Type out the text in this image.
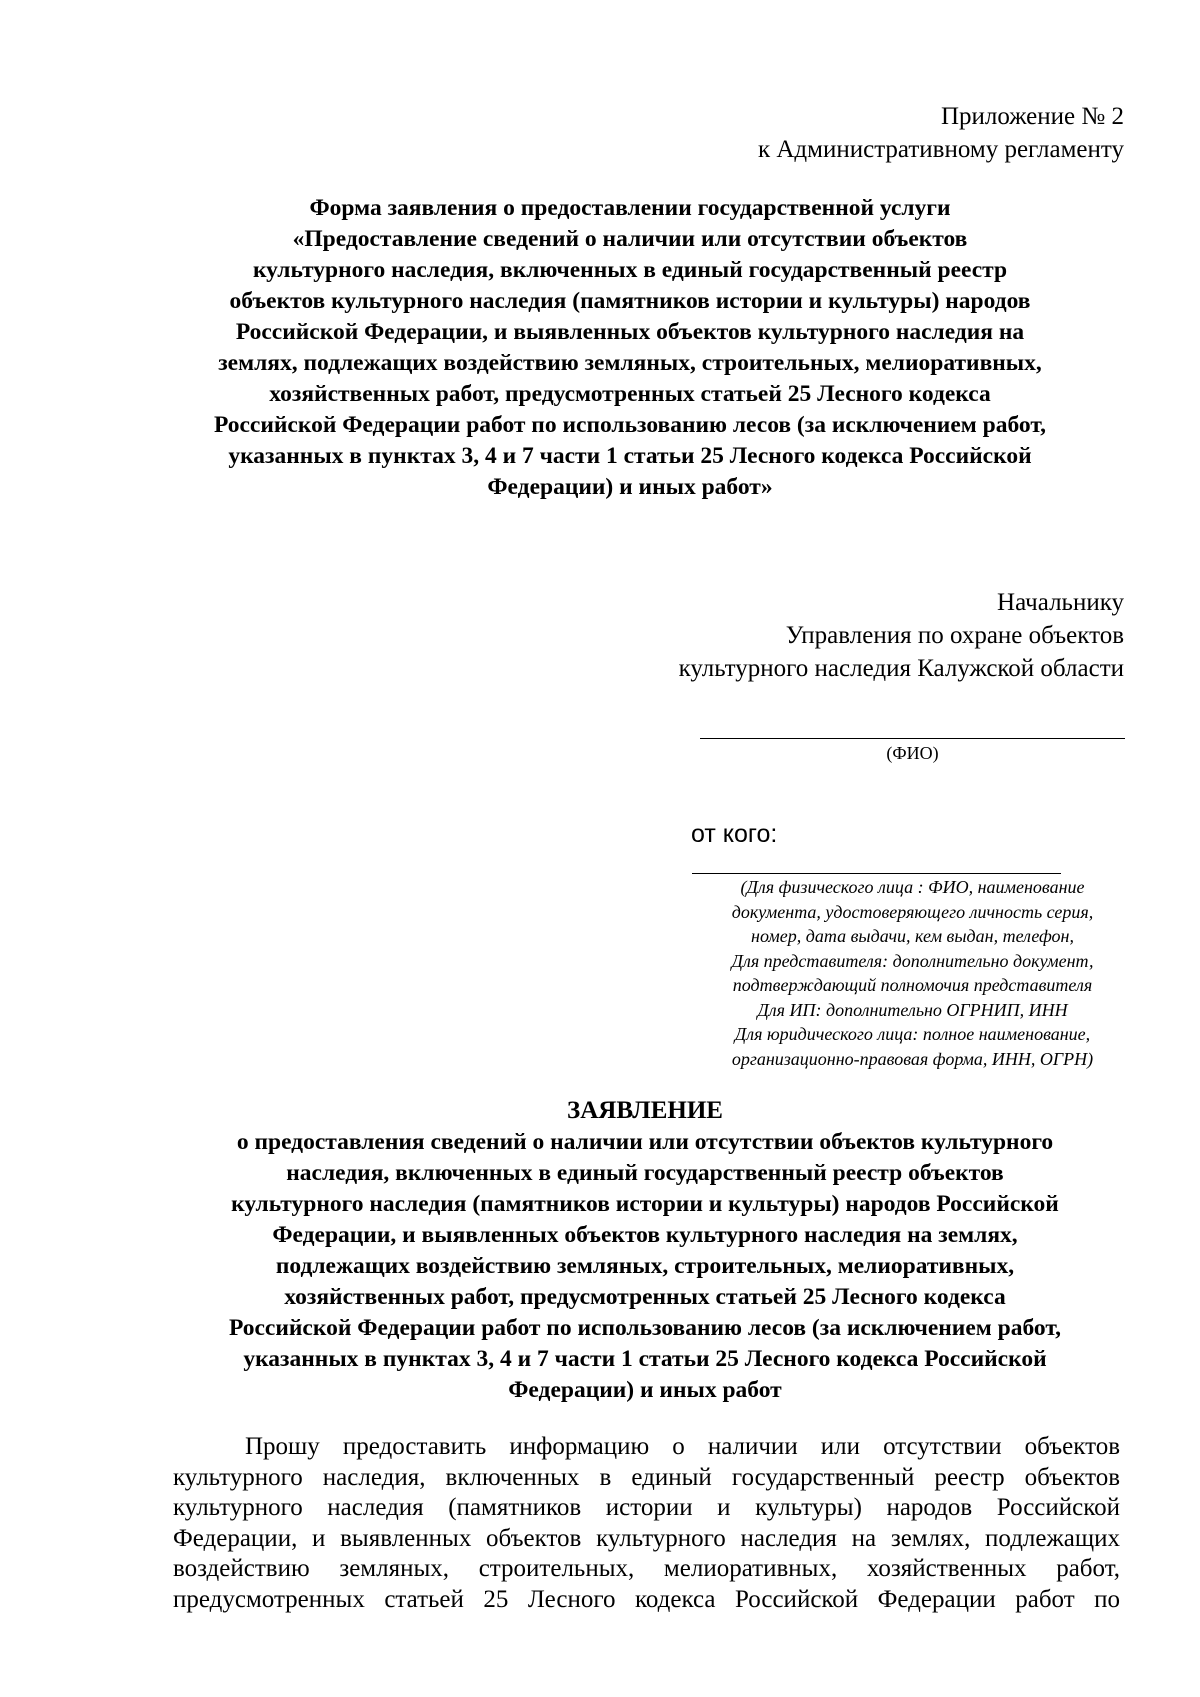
Приложение № 2
к Административному регламенту
Форма заявления о предоставлении государственной услуги
«Предоставление сведений о наличии или отсутствии объектов
культурного наследия, включенных в единый государственный реестр
объектов культурного наследия (памятников истории и культуры) народов
Российской Федерации, и выявленных объектов культурного наследия на
землях, подлежащих воздействию земляных, строительных, мелиоративных,
хозяйственных работ, предусмотренных статьей 25 Лесного кодекса
Российской Федерации работ по использованию лесов (за исключением работ,
указанных в пунктах 3, 4 и 7 части 1 статьи 25 Лесного кодекса Российской
Федерации) и иных работ»
Начальнику
Управления по охране объектов
культурного наследия Калужской области
(ФИО)
от кого:
(Для физического лица : ФИО, наименование
документа, удостоверяющего личность серия,
номер, дата выдачи, кем выдан, телефон,
Для представителя: дополнительно документ,
подтверждающий полномочия представителя
Для ИП: дополнительно ОГРНИП, ИНН
Для юридического лица: полное наименование,
организационно-правовая форма, ИНН, ОГРН)
ЗАЯВЛЕНИЕ
о предоставления сведений о наличии или отсутствии объектов культурного
наследия, включенных в единый государственный реестр объектов
культурного наследия (памятников истории и культуры) народов Российской
Федерации, и выявленных объектов культурного наследия на землях,
подлежащих воздействию земляных, строительных, мелиоративных,
хозяйственных работ, предусмотренных статьей 25 Лесного кодекса
Российской Федерации работ по использованию лесов (за исключением работ,
указанных в пунктах 3, 4 и 7 части 1 статьи 25 Лесного кодекса Российской
Федерации) и иных работ
Прошу предоставить информацию о наличии или отсутствии объектов
культурного наследия, включенных в единый государственный реестр объектов
культурного наследия (памятников истории и культуры) народов Российской
Федерации, и выявленных объектов культурного наследия на землях, подлежащих
воздействию земляных, строительных, мелиоративных, хозяйственных работ,
предусмотренных статьей 25 Лесного кодекса Российской Федерации работ по
